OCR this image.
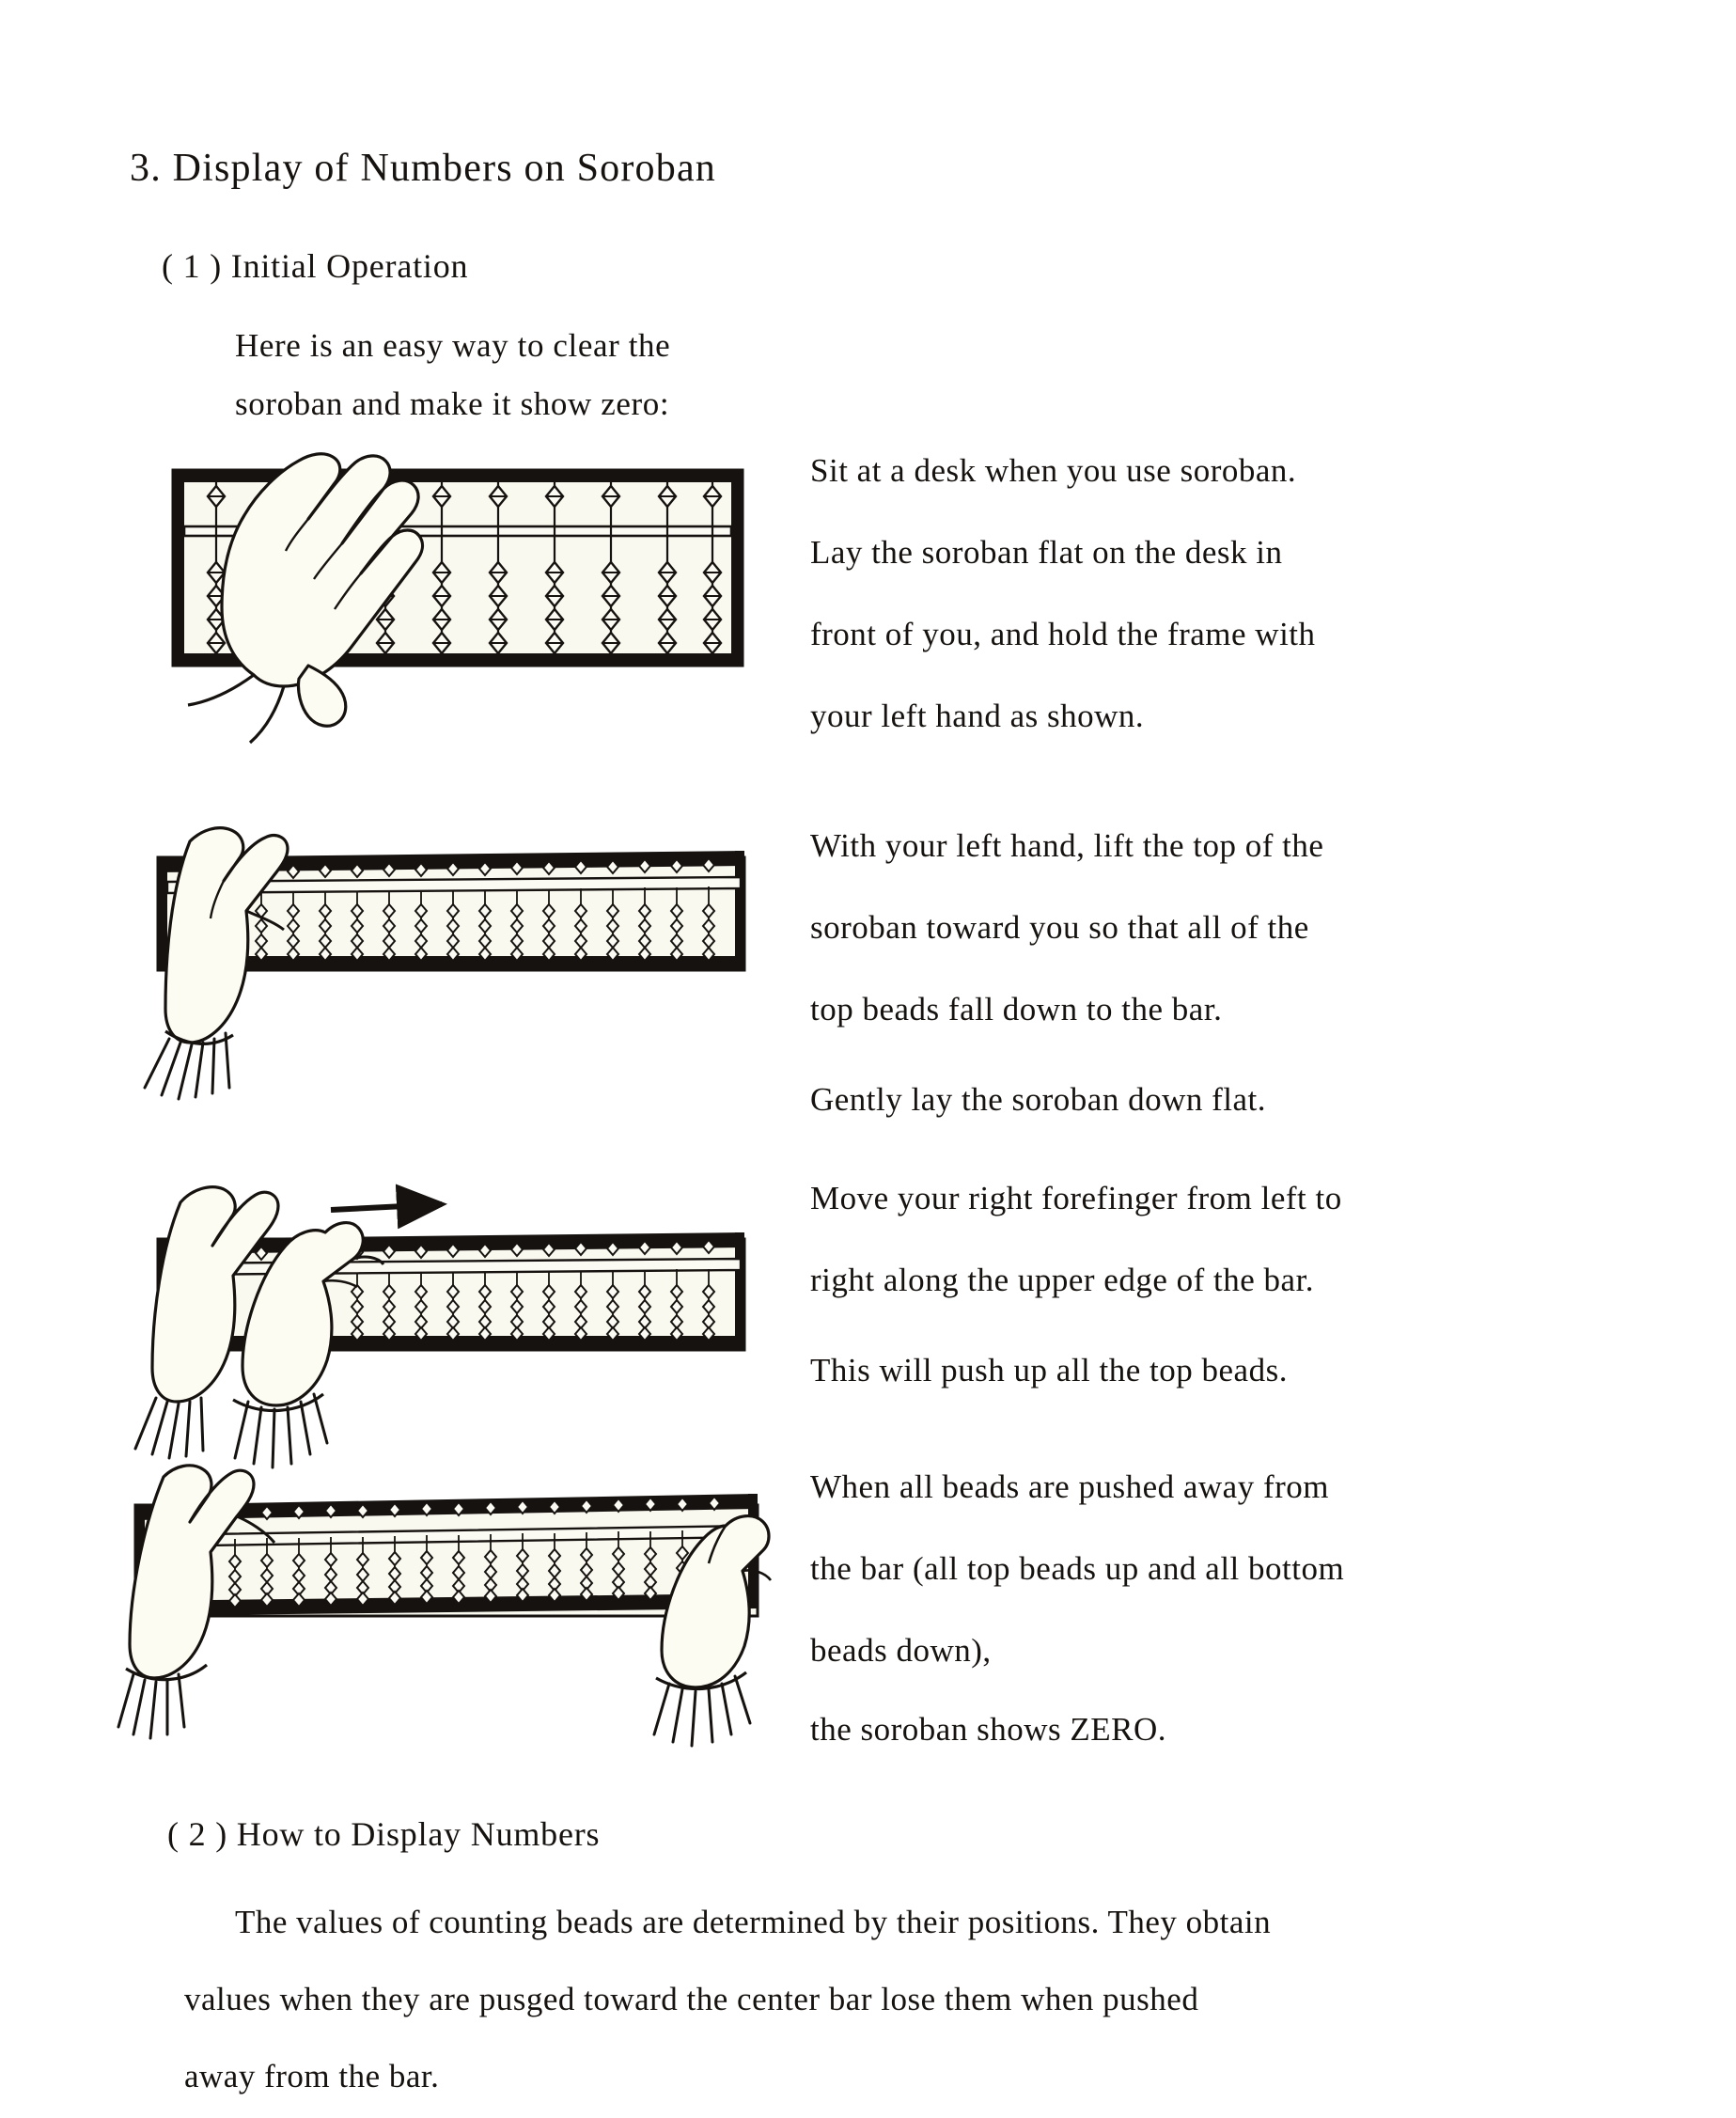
3. Display of Numbers on Soroban
( 1 ) Initial Operation
Here is an easy way to clear the
soroban and make it show zero:
Sit at a desk when you use soroban.
Lay the soroban flat on the desk in
front of you, and hold the frame with
your left hand as shown.
With your left hand, lift the top of the
soroban toward you so that all of the
top beads fall down to the bar.
Gently lay the soroban down flat.
Move your right forefinger from left to
right along the upper edge of the bar.
This will push up all the top beads.
When all beads are pushed away from
the bar (all top beads up and all bottom
beads down),
the soroban shows ZERO.
( 2 ) How to Display Numbers
The values of counting beads are determined by their positions. They obtain
values when they are pusged toward the center bar lose them when pushed
away from the bar.
